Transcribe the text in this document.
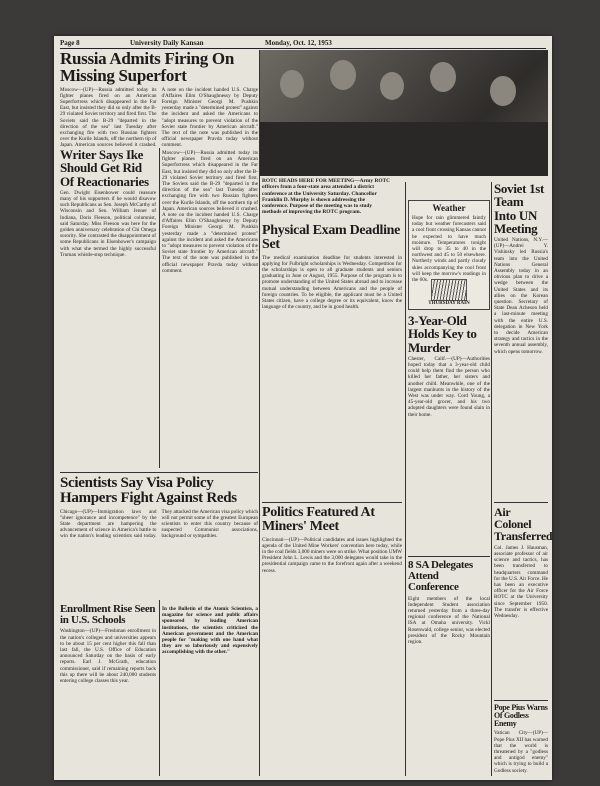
Page 8	University Daily Kansan	Monday, Oct. 12, 1953
Russia Admits Firing On Missing Superfort

Moscow—(UP)—Russia admitted today its fighter planes fired on an American Superfortress which disappeared in the Far East, but insisted they did so only after the B-29 violated Soviet territory and fired first. The Soviets said the B-29 "departed in the direction of the sea" last Tuesday after exchanging fire with two Russian fighters over the Kurile Islands, off the northern tip of Japan. American sources believed it crashed. A note on the incident handed U.S. Charge d'Affaires Elim O'Shaughnessy by Deputy Foreign Minister Georgi M. Pushkin yesterday made a "determined protest" against the incident and asked the Americans to "adopt measures to prevent violation of the Soviet state frontier by American aircraft." The text of the note was published in the official newspaper Pravda today without comment.

ROTC HEADS HERE FOR MEETING—Army ROTC officers from a four-state area attended a district conference at the University Saturday. Chancellor Franklin D. Murphy is shown addressing the conference. Purpose of the meeting was to study methods of improving the ROTC program.
Writer Says Ike Should Get Rid Of Reactionaries

Gen. Dwight Eisenhower could reassure many of his supporters if he would disavow such Republicans as Sen. Joseph McCarthy of Wisconsin and Sen. William Jenner of Indiana, Doris Fleeson, political columnist, said Saturday. Miss Fleeson was here for the golden anniversary celebration of Chi Omega sorority. She contrasted the disappointment of some Republicans in Eisenhower's campaign with what she termed the highly successful Truman whistle-stop technique.

Moscow—(UP)—Russia admitted today its fighter planes fired on an American Superfortress which disappeared in the Far East, but insisted they did so only after the B-29 violated Soviet territory and fired first. The Soviets said the B-29 "departed in the direction of the sea" last Tuesday after exchanging fire with two Russian fighters over the Kurile Islands, off the northern tip of Japan. American sources believed it crashed. A note on the incident handed U.S. Charge d'Affaires Elim O'Shaughnessy by Deputy Foreign Minister Georgi M. Pushkin yesterday made a "determined protest" against the incident and asked the Americans to "adopt measures to prevent violation of the Soviet state frontier by American aircraft." The text of the note was published in the official newspaper Pravda today without comment.

Physical Exam Deadline Set

The medical examination deadline for students interested in applying for Fulbright scholarships is Wednesday. Competition for the scholarships is open to all graduate students and seniors graduating in June or August, 1955. Purpose of the program is to promote understanding of the United States abroad and to increase mutual understanding between Americans and the people of foreign countries. To be eligible, the applicant must be a United States citizen, have a college degree or its equivalent, know the language of the country, and be in good health.

Weather

Hope for rain glimmered faintly today but weather forecasters said a cool front crossing Kansas cannot be expected to have much moisture. Temperatures tonight will drop to 35 to 40 in the northwest and 45 to 50 elsewhere. Northerly winds and partly cloudy skies accompanying the cool front will keep the morrow's readings in the 60s.

THURSDAY RAIN
Soviet 1st Team Into UN Meeting

United Nations, N.Y.—(UP)—Andrei Y. Vishinsky led Russia's team into the United Nations General Assembly today in an obvious plan to drive a wedge between the United States and its allies on the Korean question. Secretary of State Dean Acheson held a last-minute meeting with the entire U.S. delegation in New York to decide American strategy and tactics in the seventh annual assembly, which opens tomorrow.

3-Year-Old Holds Key to Murder

Chester, Calif.—(UP)—Authorities hoped today that a 3-year-old child could help them find the person who killed her father, her sisters and another child. Meanwhile, one of the largest manhunts in the history of the West was under way. Cord Young, a 45-year-old grocer, and his two adopted daughters were found slain in their home.

Scientists Say Visa Policy Hampers Fight Against Reds

Chicago—(UP)—Immigration laws and "sheer ignorance and incompetence" by the State department are hampering the advancement of science in America's battle to win the nation's leading scientists said today. They attacked the American visa policy which will not permit some of the greatest European scientists to enter this country because of suspected Communist associations, background or sympathies.

In the Bulletin of the Atomic Scientists, a magazine for science and public affairs sponsored by leading American institutions, the scientists criticized the American government and the American people for "making with one hand what they are so laboriously and expensively accomplishing with the other."

Enrollment Rise Seen in U.S. Schools

Washington—(UP)—Freshman enrollment in the nation's colleges and universities appears to be about 15 per cent higher this fall than last fall, the U.S. Office of Education announced Saturday on the basis of early reports. Earl J. McGrath, education commissioner, said if remaining reports back this up there will be about 240,000 students entering college classes this year.

Politics Featured At Miners' Meet

Cincinnati—(UP)—Political candidates and issues highlighted the agenda of the United Mine Workers' convention here today, while in the coal fields 3,000 miners were on strike. What position UMW President John L. Lewis and the 3,000 delegates would take in the presidential campaign came to the forefront again after a weekend recess.	8 SA Delegates Attend Conference

Eight members of the local Independent Student association returned yesterday from a three-day regional conference of the National ISA at Omaha university. Vickl Rosenwald, college senior, was elected president of the Rocky Mountain region.

Air Colonel Transferred

Col. James J. Hausman, associate professor of air science and tactics, has been transferred to headquarters command for the U.S. Air Force. He has been an executive officer for the Air Force ROTC at the University since September 1950. The transfer is effective Wednesday.

Pope Pius Warns Of Godless Enemy

Vatican City—(UP)—Pope Pius XII has warned that the world is threatened by a "godless and antigod enemy" which is trying to build a Godless society.
